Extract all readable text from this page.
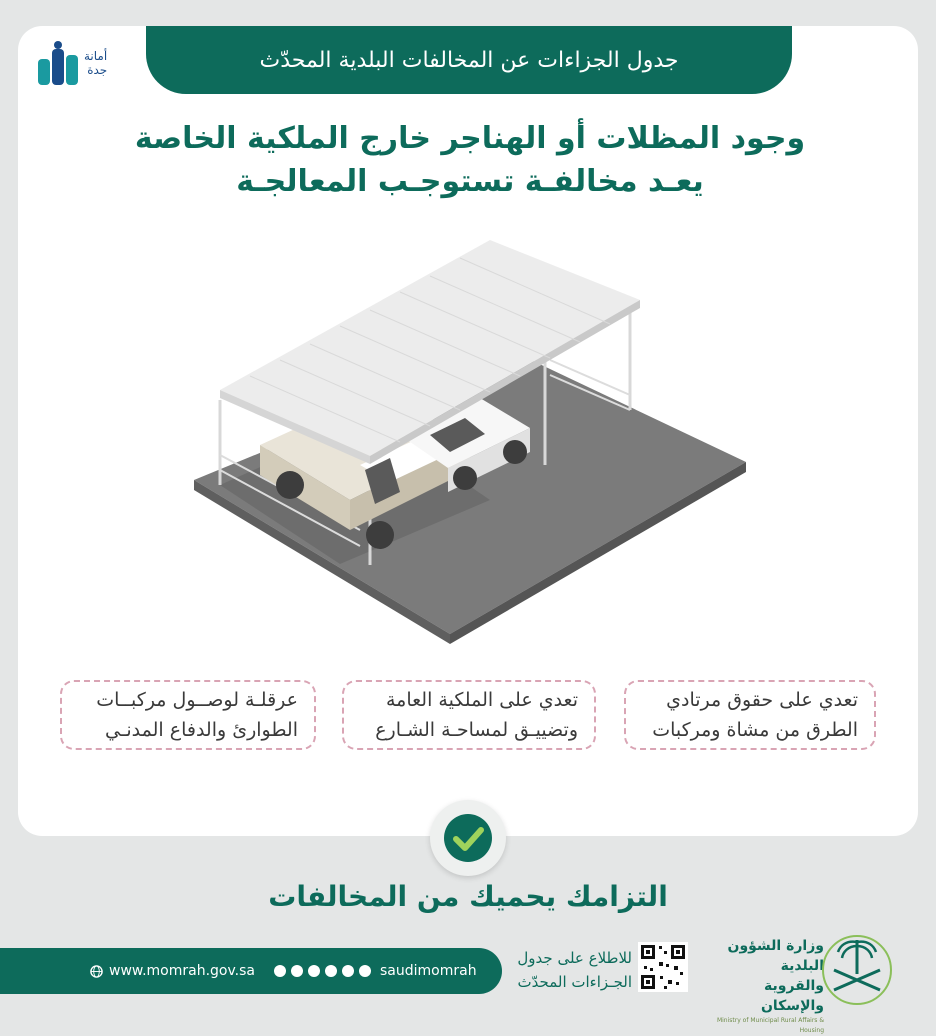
جدول الجزاءات عن المخالفات البلدية المحدّث
أمانة
جدة
وجود المظلات أو الهناجر خارج الملكية الخاصة
يعـد مخالفـة تستوجـب المعالجـة
تعدي على حقوق مرتادي
الطرق من مشاة ومركبات
تعدي على الملكية العامة
وتضييـق لمساحـة الشـارع
عرقلـة لوصــول مركبــات
الطوارئ والدفاع المدنـي
التزامك يحميك من المخالفات
www.momrah.gov.sa	saudimomrah
للاطلاع على جدول
الجـزاءات المحدّث
وزارة الشؤون البلدية
والقروية والإسكان
Ministry of Municipal Rural Affairs & Housing
